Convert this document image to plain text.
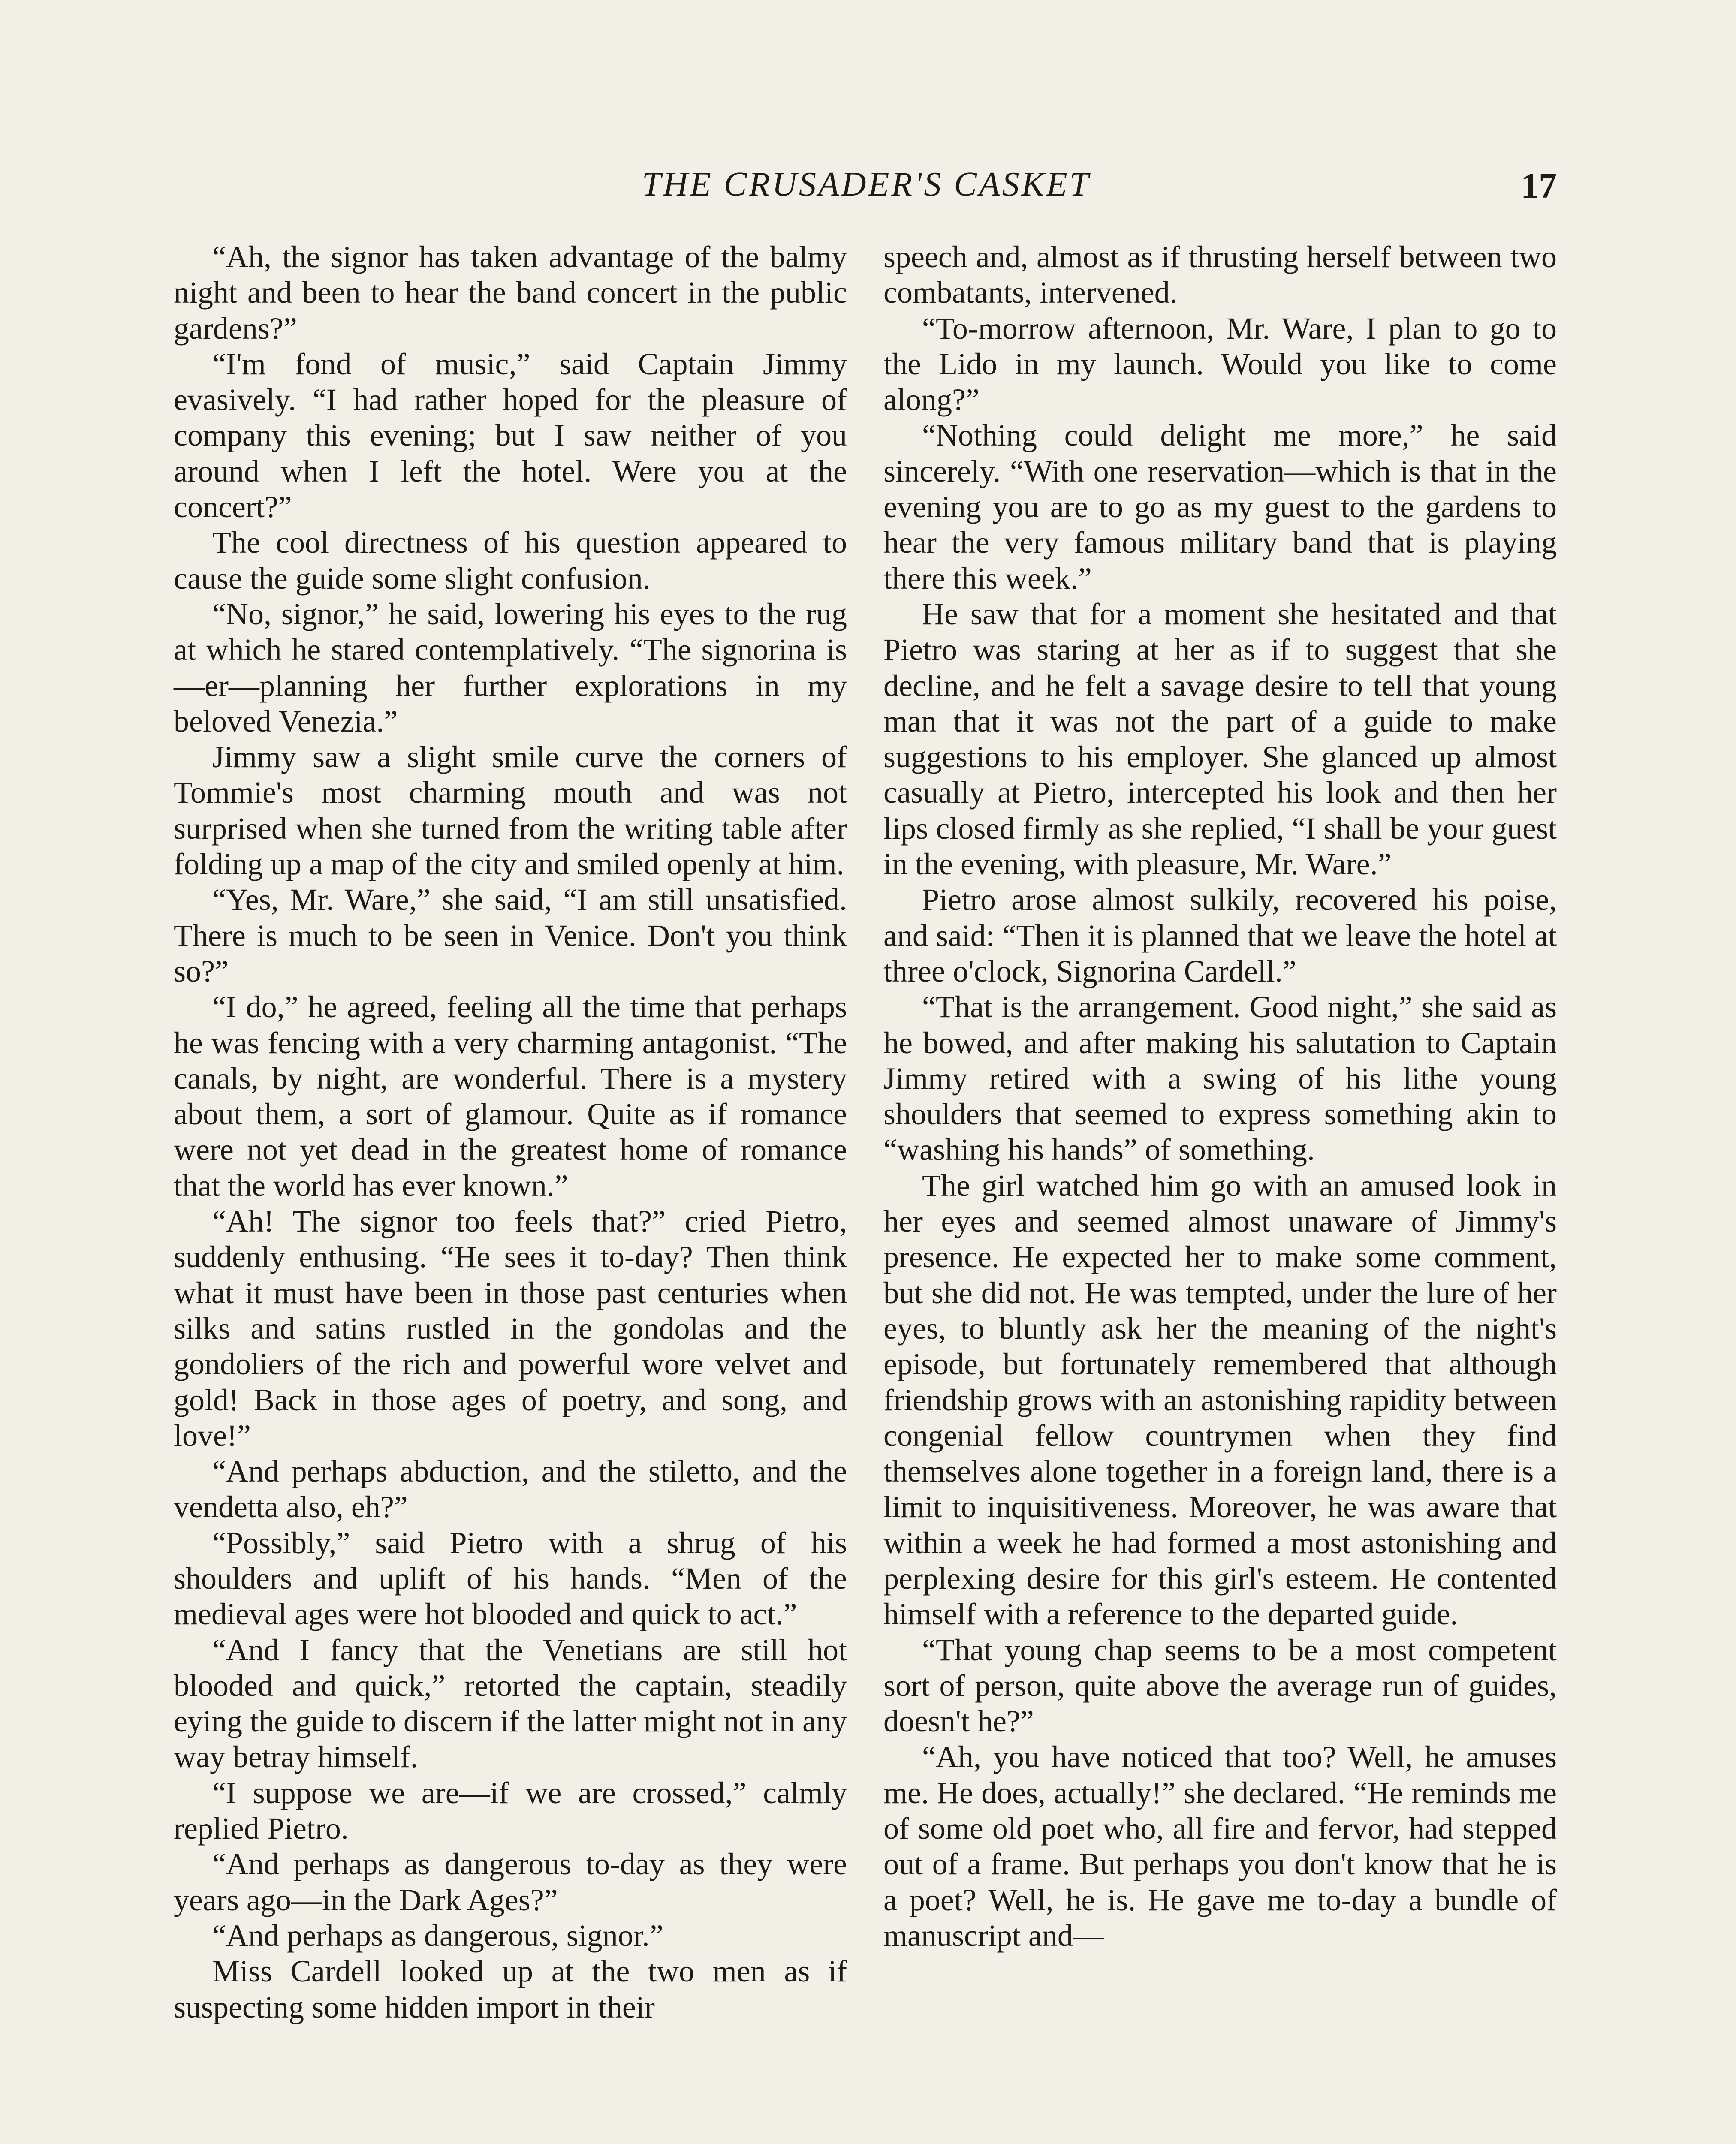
THE CRUSADER'S CASKET	17

“Ah, the signor has taken advantage of the balmy night and been to hear the band concert in the public gardens?”

“I'm fond of music,” said Captain Jimmy evasively. “I had rather hoped for the pleasure of company this evening; but I saw neither of you around when I left the hotel. Were you at the concert?”

The cool directness of his question appeared to cause the guide some slight confusion.

“No, signor,” he said, lowering his eyes to the rug at which he stared contemplatively. “The signorina is—er—planning her further explorations in my beloved Venezia.”

Jimmy saw a slight smile curve the corners of Tommie's most charming mouth and was not surprised when she turned from the writing table after folding up a map of the city and smiled openly at him.

“Yes, Mr. Ware,” she said, “I am still unsatisfied. There is much to be seen in Venice. Don't you think so?”

“I do,” he agreed, feeling all the time that perhaps he was fencing with a very charming antagonist. “The canals, by night, are wonderful. There is a mystery about them, a sort of glamour. Quite as if romance were not yet dead in the greatest home of romance that the world has ever known.”

“Ah! The signor too feels that?” cried Pietro, suddenly enthusing. “He sees it to-day? Then think what it must have been in those past centuries when silks and satins rustled in the gondolas and the gondoliers of the rich and powerful wore velvet and gold! Back in those ages of poetry, and song, and love!”

“And perhaps abduction, and the stiletto, and the vendetta also, eh?”

“Possibly,” said Pietro with a shrug of his shoulders and uplift of his hands. “Men of the medieval ages were hot blooded and quick to act.”

“And I fancy that the Venetians are still hot blooded and quick,” retorted the captain, steadily eying the guide to discern if the latter might not in any way betray himself.

“I suppose we are—if we are crossed,” calmly replied Pietro.

“And perhaps as dangerous to-day as they were years ago—in the Dark Ages?”

“And perhaps as dangerous, signor.”

Miss Cardell looked up at the two men as if suspecting some hidden import in their

speech and, almost as if thrusting herself between two combatants, intervened.

“To-morrow afternoon, Mr. Ware, I plan to go to the Lido in my launch. Would you like to come along?”

“Nothing could delight me more,” he said sincerely. “With one reservation—which is that in the evening you are to go as my guest to the gardens to hear the very famous military band that is playing there this week.”

He saw that for a moment she hesitated and that Pietro was staring at her as if to suggest that she decline, and he felt a savage desire to tell that young man that it was not the part of a guide to make suggestions to his employer. She glanced up almost casually at Pietro, intercepted his look and then her lips closed firmly as she replied, “I shall be your guest in the evening, with pleasure, Mr. Ware.”

Pietro arose almost sulkily, recovered his poise, and said: “Then it is planned that we leave the hotel at three o'clock, Signorina Cardell.”

“That is the arrangement. Good night,” she said as he bowed, and after making his salutation to Captain Jimmy retired with a swing of his lithe young shoulders that seemed to express something akin to “washing his hands” of something.

The girl watched him go with an amused look in her eyes and seemed almost unaware of Jimmy's presence. He expected her to make some comment, but she did not. He was tempted, under the lure of her eyes, to bluntly ask her the meaning of the night's episode, but fortunately remembered that although friendship grows with an astonishing rapidity between congenial fellow countrymen when they find themselves alone together in a foreign land, there is a limit to inquisitiveness. Moreover, he was aware that within a week he had formed a most astonishing and perplexing desire for this girl's esteem. He contented himself with a reference to the departed guide.

“That young chap seems to be a most competent sort of person, quite above the average run of guides, doesn't he?”

“Ah, you have noticed that too? Well, he amuses me. He does, actually!” she declared. “He reminds me of some old poet who, all fire and fervor, had stepped out of a frame. But perhaps you don't know that he is a poet? Well, he is. He gave me to-day a bundle of manuscript and—
